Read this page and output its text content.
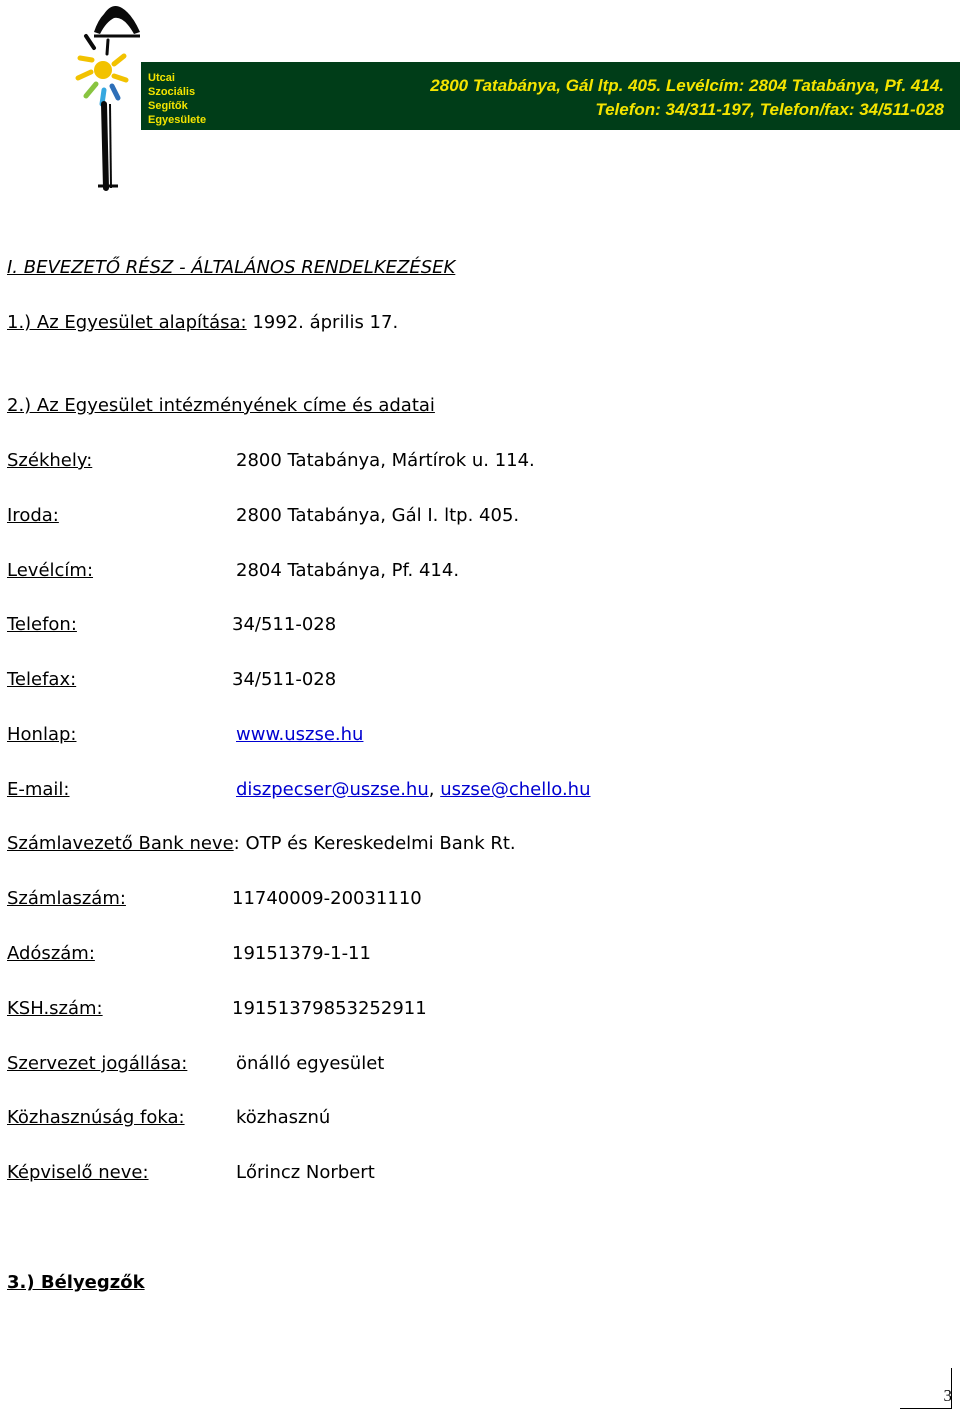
Utcai
Szociális
Segítők
Egyesülete
2800 Tatabánya, Gál ltp. 405. Levélcím: 2804 Tatabánya, Pf. 414.
Telefon: 34/311-197, Telefon/fax: 34/511-028
I. BEVEZETŐ RÉSZ - ÁLTALÁNOS RENDELKEZÉSEK
1.) Az Egyesület alapítása: 1992. április 17.
2.) Az Egyesület intézményének címe és adatai
Székhely:	2800 Tatabánya, Mártírok u. 114.
Iroda:	2800 Tatabánya, Gál I. ltp. 405.
Levélcím:	2804 Tatabánya, Pf. 414.
Telefon:	34/511-028
Telefax:	34/511-028
Honlap:	www.uszse.hu
E-mail:	diszpecser@uszse.hu, uszse@chello.hu
Számlavezető Bank neve: OTP és Kereskedelmi Bank Rt.
Számlaszám:	11740009-20031110
Adószám:	19151379-1-11
KSH.szám:	19151379853252911
Szervezet jogállása:	önálló egyesület
Közhasznúság foka:	közhasznú
Képviselő neve:	Lőrincz Norbert
3.) Bélyegzők
3
